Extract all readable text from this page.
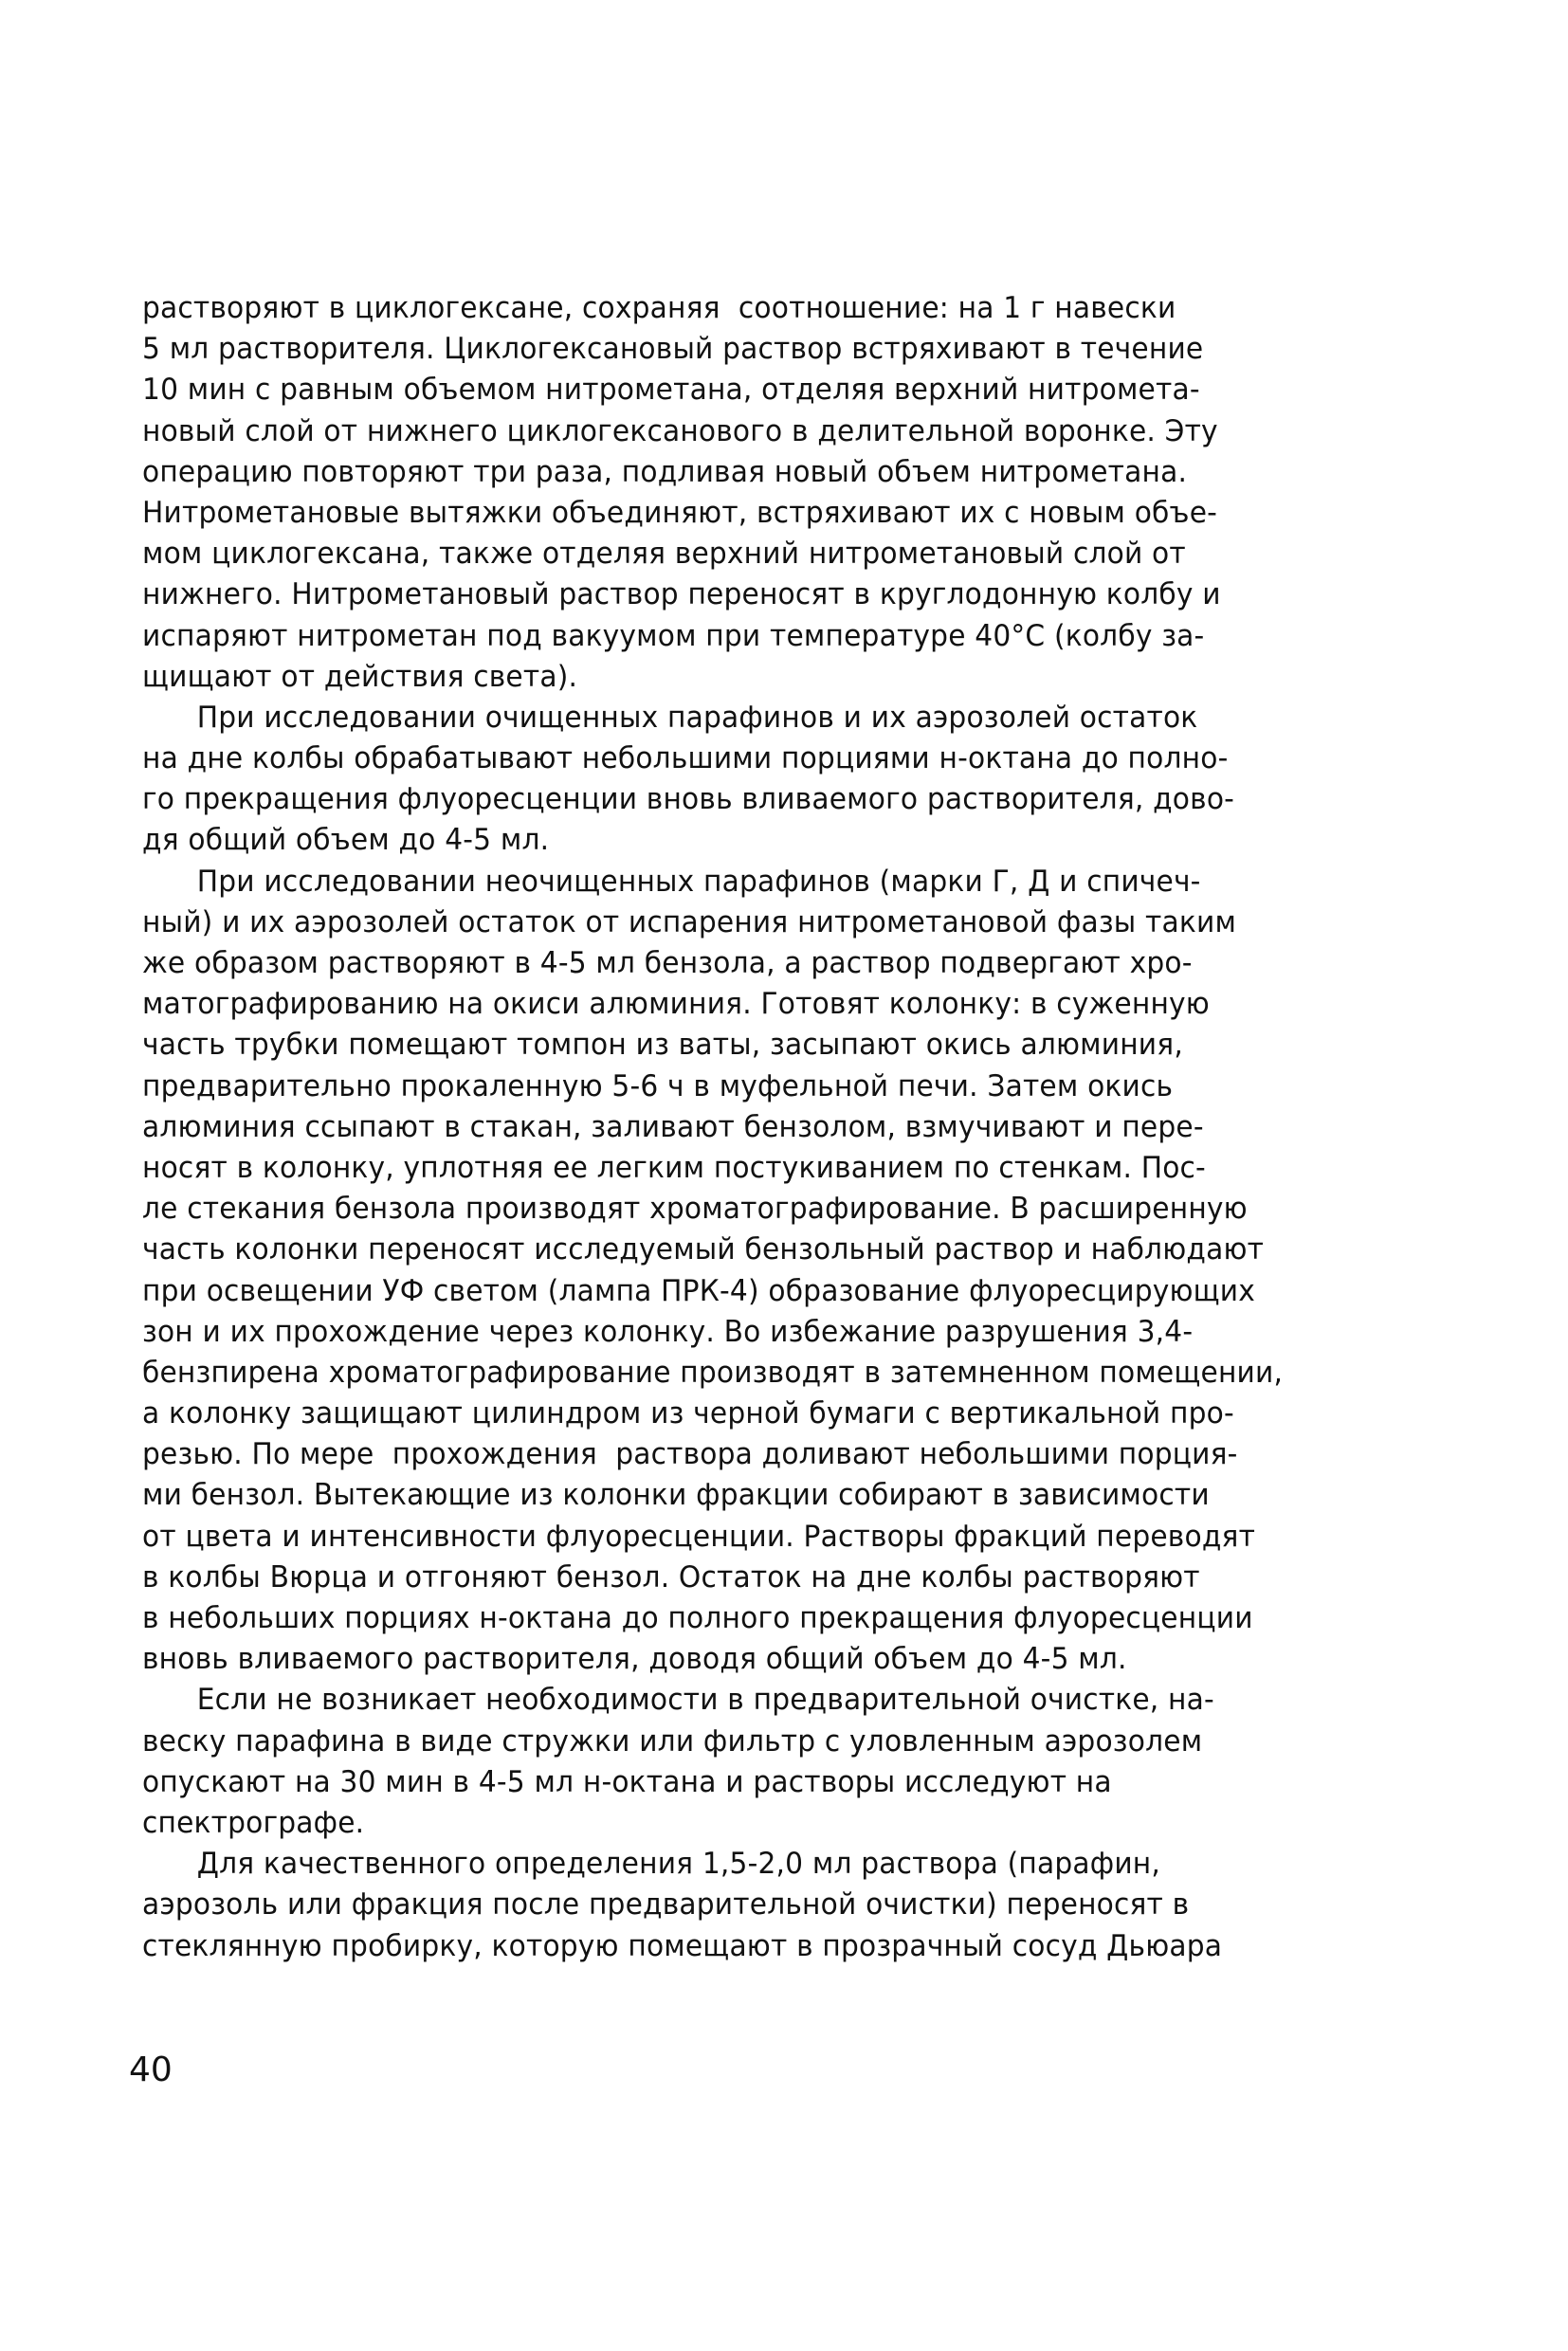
растворяют в циклогексане, сохраняя  соотношение: на 1 г навески
5 мл растворителя. Циклогексановый раствор встряхивают в течение
10 мин с равным объемом нитрометана, отделяя верхний нитромета-
новый слой от нижнего циклогексанового в делительной воронке. Эту
операцию повторяют три раза, подливая новый объем нитрометана.
Нитрометановые вытяжки объединяют, встряхивают их с новым объе-
мом циклогексана, также отделяя верхний нитрометановый слой от
нижнего. Нитрометановый раствор переносят в круглодонную колбу и
испаряют нитрометан под вакуумом при температуре 40°С (колбу за-
щищают от действия света).
При исследовании очищенных парафинов и их аэрозолей остаток
на дне колбы обрабатывают небольшими порциями н-октана до полно-
го прекращения флуоресценции вновь вливаемого растворителя, дово-
дя общий объем до 4-5 мл.
При исследовании неочищенных парафинов (марки Г, Д и спичеч-
ный) и их аэрозолей остаток от испарения нитрометановой фазы таким
же образом растворяют в 4-5 мл бензола, а раствор подвергают хро-
матографированию на окиси алюминия. Готовят колонку: в суженную
часть трубки помещают томпон из ваты, засыпают окись алюминия,
предварительно прокаленную 5-6 ч в муфельной печи. Затем окись
алюминия ссыпают в стакан, заливают бензолом, взмучивают и пере-
носят в колонку, уплотняя ее легким постукиванием по стенкам. Пос-
ле стекания бензола производят хроматографирование. В расширенную
часть колонки переносят исследуемый бензольный раствор и наблюдают
при освещении УФ светом (лампа ПРК-4) образование флуоресцирующих
зон и их прохождение через колонку. Во избежание разрушения 3,4-
бензпирена хроматографирование производят в затемненном помещении,
а колонку защищают цилиндром из черной бумаги с вертикальной про-
резью. По мере  прохождения  раствора доливают небольшими порция-
ми бензол. Вытекающие из колонки фракции собирают в зависимости
от цвета и интенсивности флуоресценции. Растворы фракций переводят
в колбы Вюрца и отгоняют бензол. Остаток на дне колбы растворяют
в небольших порциях н-октана до полного прекращения флуоресценции
вновь вливаемого растворителя, доводя общий объем до 4-5 мл.
Если не возникает необходимости в предварительной очистке, на-
веску парафина в виде стружки или фильтр с уловленным аэрозолем
опускают на 30 мин в 4-5 мл н-октана и растворы исследуют на
спектрографе.
Для качественного определения 1,5-2,0 мл раствора (парафин,
аэрозоль или фракция после предварительной очистки) переносят в
стеклянную пробирку, которую помещают в прозрачный сосуд Дьюара
40
